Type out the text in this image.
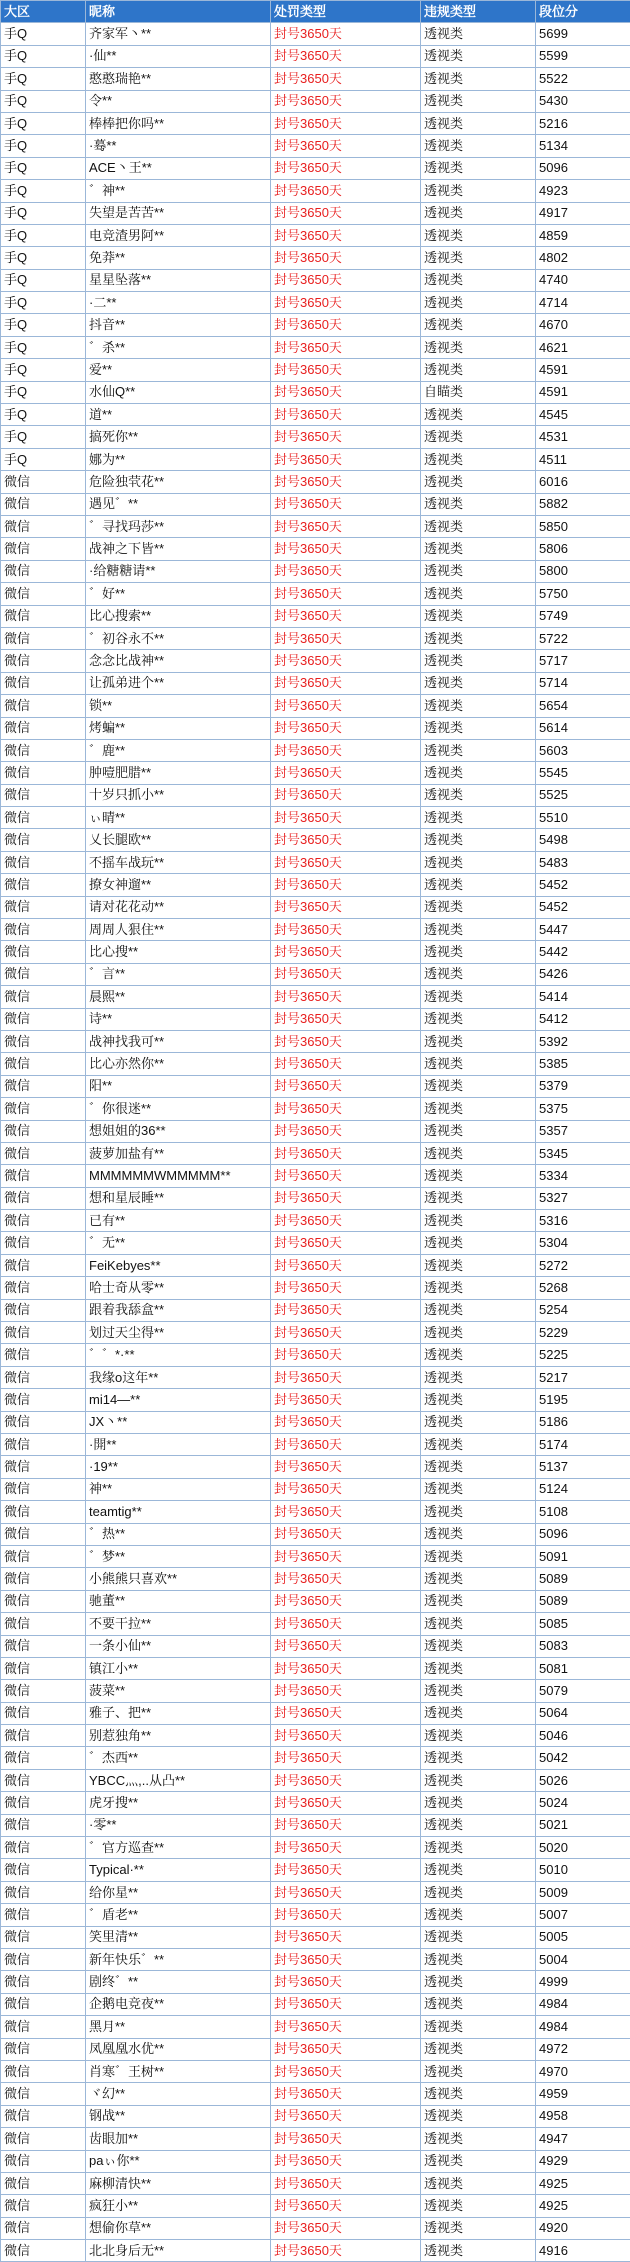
大区	昵称	处罚类型	违规类型	段位分
手Q	齐家军丶**	封号3650天	透视类	5699
手Q	·仙**	封号3650天	透视类	5599
手Q	憨憨瑞艳**	封号3650天	透视类	5522
手Q	令**	封号3650天	透视类	5430
手Q	棒棒把你吗**	封号3650天	透视类	5216
手Q	·蓦**	封号3650天	透视类	5134
手Q	ACE丶王**	封号3650天	透视类	5096
手Q	゛神**	封号3650天	透视类	4923
手Q	失望是苦苦**	封号3650天	透视类	4917
手Q	电竞渣男阿**	封号3650天	透视类	4859
手Q	免莽**	封号3650天	透视类	4802
手Q	星星坠落**	封号3650天	透视类	4740
手Q	·二**	封号3650天	透视类	4714
手Q	抖音**	封号3650天	透视类	4670
手Q	゛杀**	封号3650天	透视类	4621
手Q	爱**	封号3650天	透视类	4591
手Q	水仙Q**	封号3650天	自瞄类	4591
手Q	道**	封号3650天	透视类	4545
手Q	搞死你**	封号3650天	透视类	4531
手Q	娜为**	封号3650天	透视类	4511
微信	危险独茕花**	封号3650天	透视类	6016
微信	遇见゛**	封号3650天	透视类	5882
微信	゛寻找玛莎**	封号3650天	透视类	5850
微信	战神之下皆**	封号3650天	透视类	5806
微信	·给糖糖请**	封号3650天	透视类	5800
微信	゛好**	封号3650天	透视类	5750
微信	比心搜索**	封号3650天	透视类	5749
微信	゛初谷永不**	封号3650天	透视类	5722
微信	念念比战神**	封号3650天	透视类	5717
微信	让孤弟进个**	封号3650天	透视类	5714
微信	锁**	封号3650天	透视类	5654
微信	烤蝙**	封号3650天	透视类	5614
微信	゛鹿**	封号3650天	透视类	5603
微信	肿噎肥腊**	封号3650天	透视类	5545
微信	十岁只抓小**	封号3650天	透视类	5525
微信	ぃ晴**	封号3650天	透视类	5510
微信	乂长腿欧**	封号3650天	透视类	5498
微信	不摇车战玩**	封号3650天	透视类	5483
微信	撩女神遛**	封号3650天	透视类	5452
微信	请对花花动**	封号3650天	透视类	5452
微信	周周人狠住**	封号3650天	透视类	5447
微信	比心搜**	封号3650天	透视类	5442
微信	゛言**	封号3650天	透视类	5426
微信	晨熙**	封号3650天	透视类	5414
微信	诗**	封号3650天	透视类	5412
微信	战神找我可**	封号3650天	透视类	5392
微信	比心亦然你**	封号3650天	透视类	5385
微信	阳**	封号3650天	透视类	5379
微信	゛你很迷**	封号3650天	透视类	5375
微信	想姐姐的36**	封号3650天	透视类	5357
微信	菠萝加盐有**	封号3650天	透视类	5345
微信	MMMMMMWMMMMM**	封号3650天	透视类	5334
微信	想和星辰睡**	封号3650天	透视类	5327
微信	已有**	封号3650天	透视类	5316
微信	゛无**	封号3650天	透视类	5304
微信	FeiKebyes**	封号3650天	透视类	5272
微信	哈士奇从零**	封号3650天	透视类	5268
微信	跟着我舔盒**	封号3650天	透视类	5254
微信	划过天尘得**	封号3650天	透视类	5229
微信	゛゛*·**	封号3650天	透视类	5225
微信	我缘o这年**	封号3650天	透视类	5217
微信	mi14—**	封号3650天	透视类	5195
微信	JX丶**	封号3650天	透视类	5186
微信	·開**	封号3650天	透视类	5174
微信	·19**	封号3650天	透视类	5137
微信	神**	封号3650天	透视类	5124
微信	teamtig**	封号3650天	透视类	5108
微信	゛热**	封号3650天	透视类	5096
微信	゛梦**	封号3650天	透视类	5091
微信	小熊熊只喜欢**	封号3650天	透视类	5089
微信	驰董**	封号3650天	透视类	5089
微信	不要干拉**	封号3650天	透视类	5085
微信	一条小仙**	封号3650天	透视类	5083
微信	镇江小**	封号3650天	透视类	5081
微信	菠菜**	封号3650天	透视类	5079
微信	雅子、把**	封号3650天	透视类	5064
微信	别惹独角**	封号3650天	透视类	5046
微信	゛杰西**	封号3650天	透视类	5042
微信	YBCC灬,..从凸**	封号3650天	透视类	5026
微信	虎牙搜**	封号3650天	透视类	5024
微信	·零**	封号3650天	透视类	5021
微信	゛官方巡查**	封号3650天	透视类	5020
微信	Typical·**	封号3650天	透视类	5010
微信	给你星**	封号3650天	透视类	5009
微信	゛盾老**	封号3650天	透视类	5007
微信	笑里清**	封号3650天	透视类	5005
微信	新年快乐゛**	封号3650天	透视类	5004
微信	剧终゛**	封号3650天	透视类	4999
微信	企鹅电竞夜**	封号3650天	透视类	4984
微信	黑月**	封号3650天	透视类	4984
微信	凤凰凰水优**	封号3650天	透视类	4972
微信	肖寒゛王树**	封号3650天	透视类	4970
微信	ヾ幻**	封号3650天	透视类	4959
微信	钢战**	封号3650天	透视类	4958
微信	齿眼加**	封号3650天	透视类	4947
微信	paぃ你**	封号3650天	透视类	4929
微信	麻柳清快**	封号3650天	透视类	4925
微信	疯狂小**	封号3650天	透视类	4925
微信	想偷你草**	封号3650天	透视类	4920
微信	北北身后无**	封号3650天	透视类	4916
